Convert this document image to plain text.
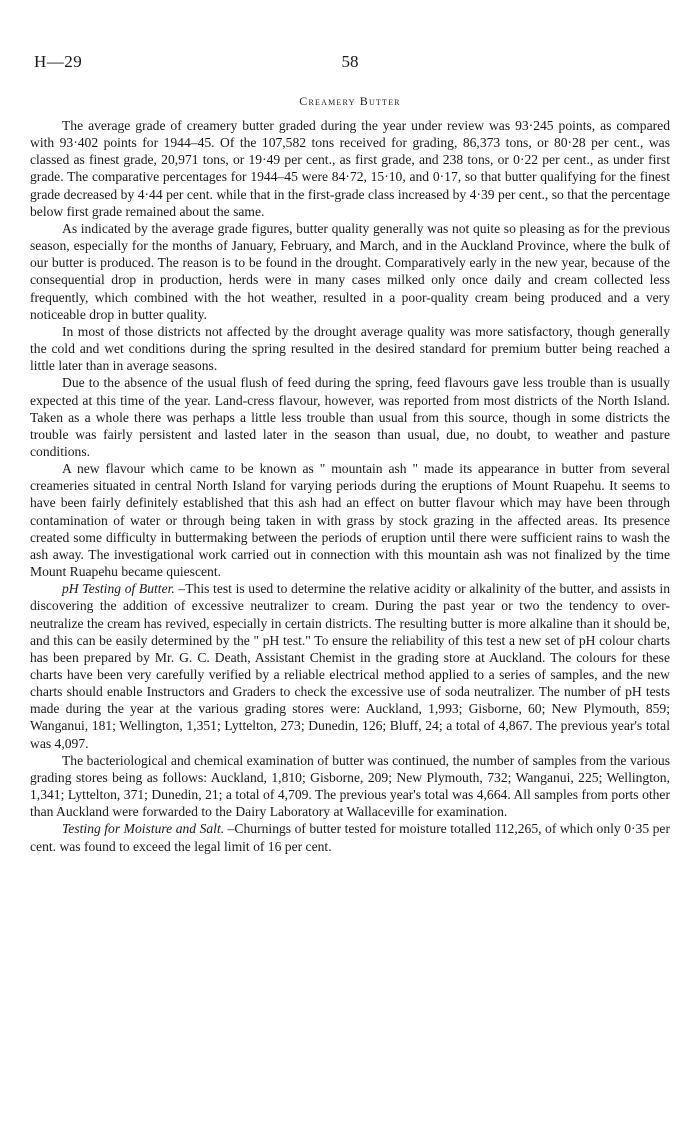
H—29	58
Creamery Butter

The average grade of creamery butter graded during the year under review was 93·245 points, as compared with 93·402 points for 1944–45. Of the 107,582 tons received for grading, 86,373 tons, or 80·28 per cent., was classed as finest grade, 20,971 tons, or 19·49 per cent., as first grade, and 238 tons, or 0·22 per cent., as under first grade. The comparative percentages for 1944–45 were 84·72, 15·10, and 0·17, so that butter qualifying for the finest grade decreased by 4·44 per cent. while that in the first-grade class increased by 4·39 per cent., so that the percentage below first grade remained about the same.

As indicated by the average grade figures, butter quality generally was not quite so pleasing as for the previous season, especially for the months of January, February, and March, and in the Auckland Province, where the bulk of our butter is produced. The reason is to be found in the drought. Comparatively early in the new year, because of the consequential drop in production, herds were in many cases milked only once daily and cream collected less frequently, which combined with the hot weather, resulted in a poor-quality cream being produced and a very noticeable drop in butter quality.

In most of those districts not affected by the drought average quality was more satisfactory, though generally the cold and wet conditions during the spring resulted in the desired standard for premium butter being reached a little later than in average seasons.

Due to the absence of the usual flush of feed during the spring, feed flavours gave less trouble than is usually expected at this time of the year. Land-cress flavour, however, was reported from most districts of the North Island. Taken as a whole there was perhaps a little less trouble than usual from this source, though in some districts the trouble was fairly persistent and lasted later in the season than usual, due, no doubt, to weather and pasture conditions.

A new flavour which came to be known as " mountain ash " made its appearance in butter from several creameries situated in central North Island for varying periods during the eruptions of Mount Ruapehu. It seems to have been fairly definitely established that this ash had an effect on butter flavour which may have been through contamination of water or through being taken in with grass by stock grazing in the affected areas. Its presence created some difficulty in buttermaking between the periods of eruption until there were sufficient rains to wash the ash away. The investigational work carried out in connection with this mountain ash was not finalized by the time Mount Ruapehu became quiescent.

pH Testing of Butter. –This test is used to determine the relative acidity or alkalinity of the butter, and assists in discovering the addition of excessive neutralizer to cream. During the past year or two the tendency to over-neutralize the cream has revived, especially in certain districts. The resulting butter is more alkaline than it should be, and this can be easily determined by the " pH test." To ensure the reliability of this test a new set of pH colour charts has been prepared by Mr. G. C. Death, Assistant Chemist in the grading store at Auckland. The colours for these charts have been very carefully verified by a reliable electrical method applied to a series of samples, and the new charts should enable Instructors and Graders to check the excessive use of soda neutralizer. The number of pH tests made during the year at the various grading stores were: Auckland, 1,993; Gisborne, 60; New Plymouth, 859; Wanganui, 181; Wellington, 1,351; Lyttelton, 273; Dunedin, 126; Bluff, 24; a total of 4,867. The previous year's total was 4,097.

The bacteriological and chemical examination of butter was continued, the number of samples from the various grading stores being as follows: Auckland, 1,810; Gisborne, 209; New Plymouth, 732; Wanganui, 225; Wellington, 1,341; Lyttelton, 371; Dunedin, 21; a total of 4,709. The previous year's total was 4,664. All samples from ports other than Auckland were forwarded to the Dairy Laboratory at Wallaceville for examination.

Testing for Moisture and Salt. –Churnings of butter tested for moisture totalled 112,265, of which only 0·35 per cent. was found to exceed the legal limit of 16 per cent.
